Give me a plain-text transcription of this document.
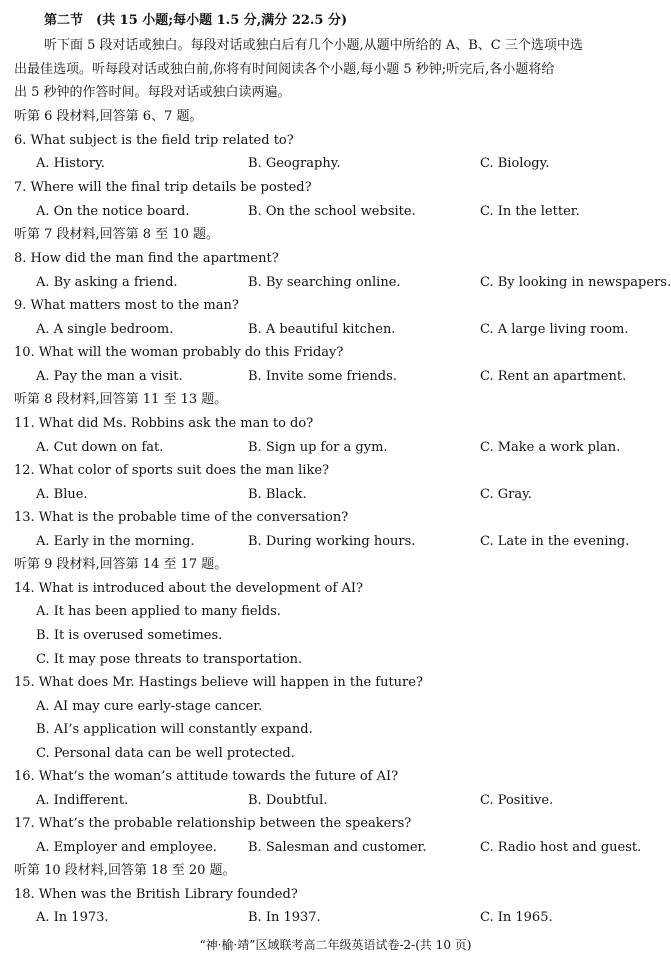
第二节　(共 15 小题;每小题 1.5 分,满分 22.5 分)
听下面 5 段对话或独白。每段对话或独白后有几个小题,从题中所给的 A、B、C 三个选项中选
出最佳选项。听每段对话或独白前,你将有时间阅读各个小题,每小题 5 秒钟;听完后,各小题将给
出 5 秒钟的作答时间。每段对话或独白读两遍。
听第 6 段材料,回答第 6、7 题。
6. What subject is the field trip related to?
A. History.	B. Geography.	C. Biology.
7. Where will the final trip details be posted?
A. On the notice board.	B. On the school website.	C. In the letter.
听第 7 段材料,回答第 8 至 10 题。
8. How did the man find the apartment?
A. By asking a friend.	B. By searching online.	C. By looking in newspapers.
9. What matters most to the man?
A. A single bedroom.	B. A beautiful kitchen.	C. A large living room.
10. What will the woman probably do this Friday?
A. Pay the man a visit.	B. Invite some friends.	C. Rent an apartment.
听第 8 段材料,回答第 11 至 13 题。
11. What did Ms. Robbins ask the man to do?
A. Cut down on fat.	B. Sign up for a gym.	C. Make a work plan.
12. What color of sports suit does the man like?
A. Blue.	B. Black.	C. Gray.
13. What is the probable time of the conversation?
A. Early in the morning.	B. During working hours.	C. Late in the evening.
听第 9 段材料,回答第 14 至 17 题。
14. What is introduced about the development of AI?
A. It has been applied to many fields.
B. It is overused sometimes.
C. It may pose threats to transportation.
15. What does Mr. Hastings believe will happen in the future?
A. AI may cure early-stage cancer.
B. AI’s application will constantly expand.
C. Personal data can be well protected.
16. What’s the woman’s attitude towards the future of AI?
A. Indifferent.	B. Doubtful.	C. Positive.
17. What’s the probable relationship between the speakers?
A. Employer and employee. B. Salesman and customer.	C. Radio host and guest.
听第 10 段材料,回答第 18 至 20 题。
18. When was the British Library founded?
A. In 1973.	B. In 1937.	C. In 1965.
“神·榆·靖”区域联考高二年级英语试卷-2-(共 10 页)
